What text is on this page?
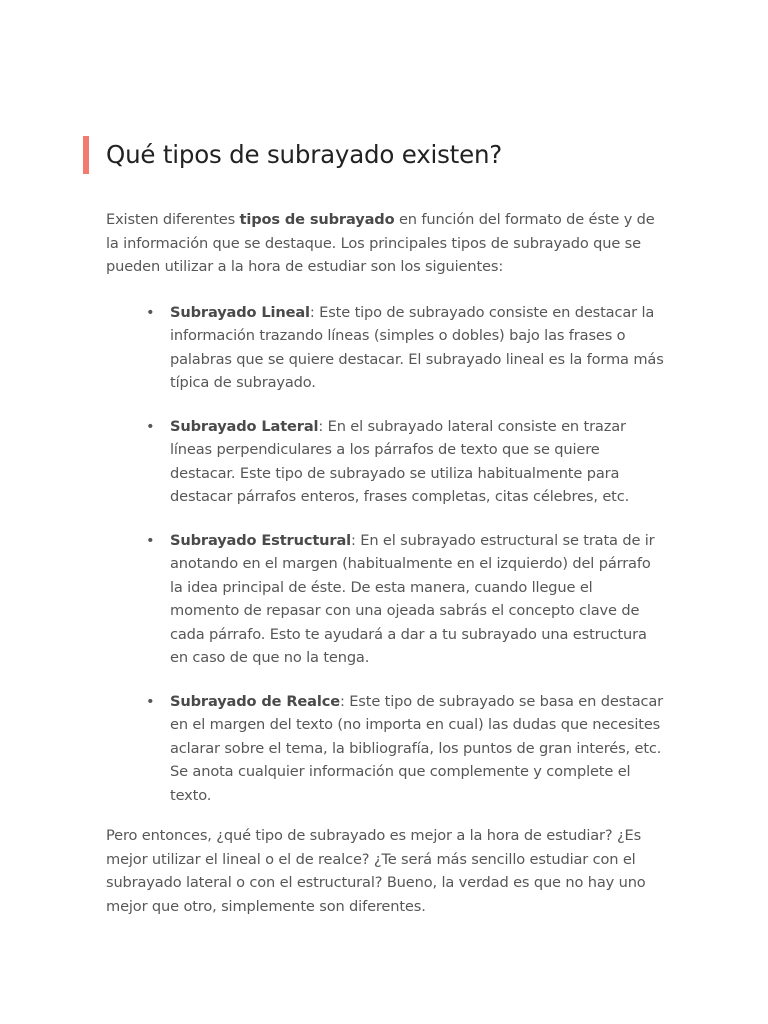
Qué tipos de subrayado existen?

Existen diferentes tipos de subrayado en función del formato de éste y de la información que se destaque. Los principales tipos de subrayado que se pueden utilizar a la hora de estudiar son los siguientes:

• Subrayado Lineal: Este tipo de subrayado consiste en destacar la información trazando líneas (simples o dobles) bajo las frases o palabras que se quiere destacar. El subrayado lineal es la forma más típica de subrayado.
• Subrayado Lateral: En el subrayado lateral consiste en trazar líneas perpendiculares a los párrafos de texto que se quiere destacar. Este tipo de subrayado se utiliza habitualmente para destacar párrafos enteros, frases completas, citas célebres, etc.
• Subrayado Estructural: En el subrayado estructural se trata de ir anotando en el margen (habitualmente en el izquierdo) del párrafo la idea principal de éste. De esta manera, cuando llegue el momento de repasar con una ojeada sabrás el concepto clave de cada párrafo. Esto te ayudará a dar a tu subrayado una estructura en caso de que no la tenga.
• Subrayado de Realce: Este tipo de subrayado se basa en destacar en el margen del texto (no importa en cual) las dudas que necesites aclarar sobre el tema, la bibliografía, los puntos de gran interés, etc. Se anota cualquier información que complemente y complete el texto.

Pero entonces, ¿qué tipo de subrayado es mejor a la hora de estudiar? ¿Es mejor utilizar el lineal o el de realce? ¿Te será más sencillo estudiar con el subrayado lateral o con el estructural? Bueno, la verdad es que no hay uno mejor que otro, simplemente son diferentes.
